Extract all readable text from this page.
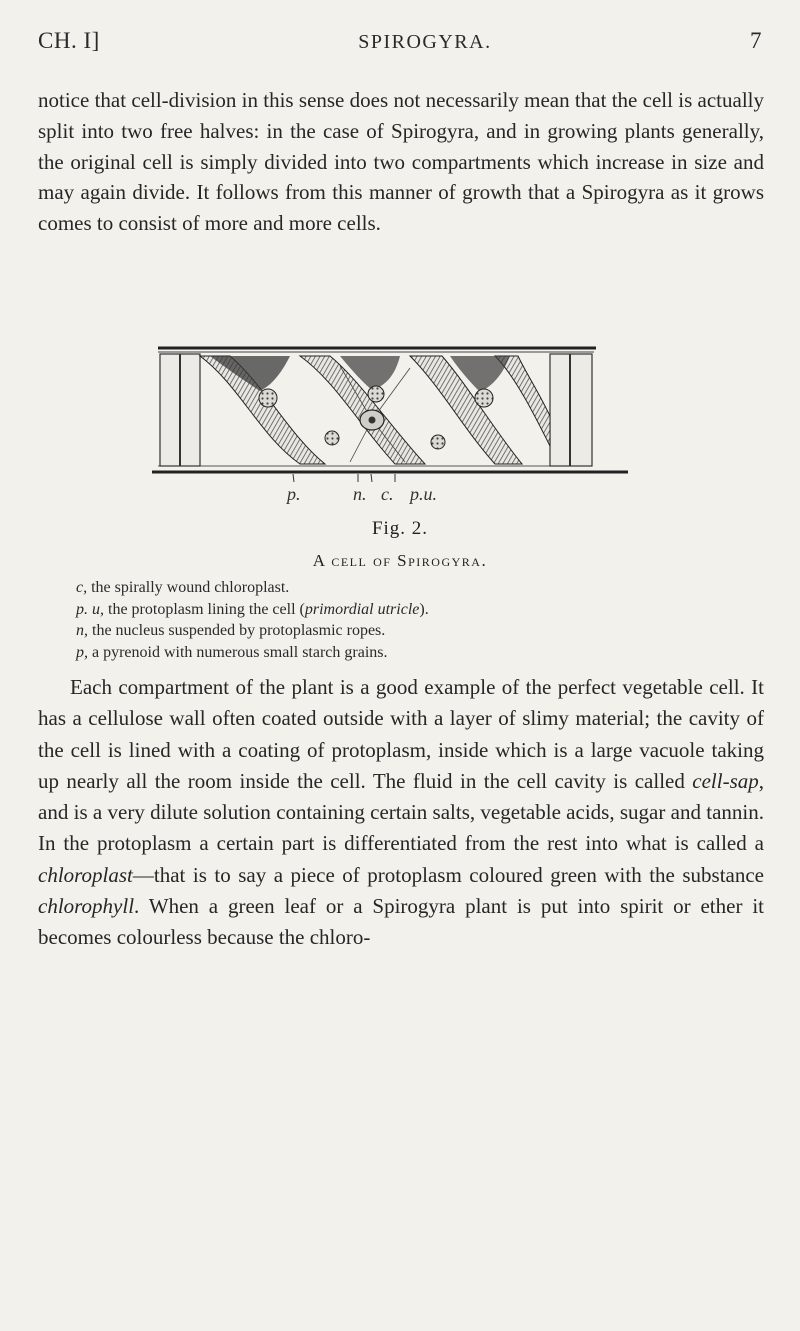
CH. I]	SPIROGYRA.	7
notice that cell-division in this sense does not necessarily mean that the cell is actually split into two free halves: in the case of Spirogyra, and in growing plants generally, the original cell is simply divided into two compartments which increase in size and may again divide. It follows from this manner of growth that a Spirogyra as it grows comes to consist of more and more cells.
p.	n. c. p.u.
Fig. 2.
A cell of Spirogyra.
c, the spirally wound chloroplast.
p. u, the protoplasm lining the cell (primordial utricle).
n, the nucleus suspended by protoplasmic ropes.
p, a pyrenoid with numerous small starch grains.
Each compartment of the plant is a good example of the perfect vegetable cell. It has a cellulose wall often coated outside with a layer of slimy material; the cavity of the cell is lined with a coating of protoplasm, inside which is a large vacuole taking up nearly all the room inside the cell. The fluid in the cell cavity is called cell-sap, and is a very dilute solution containing certain salts, vegetable acids, sugar and tannin. In the protoplasm a certain part is differentiated from the rest into what is called a chloroplast—that is to say a piece of protoplasm coloured green with the substance chlorophyll. When a green leaf or a Spirogyra plant is put into spirit or ether it becomes colourless because the chloro-
